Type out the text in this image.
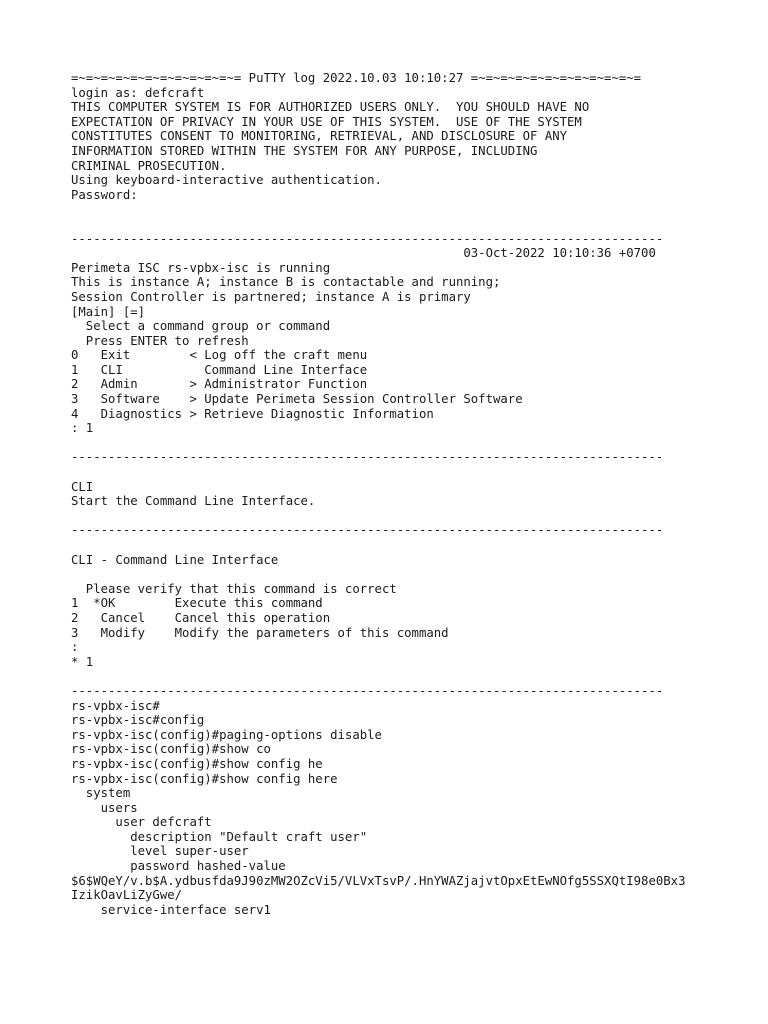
=~=~=~=~=~=~=~=~=~=~=~= PuTTY log 2022.10.03 10:10:27 =~=~=~=~=~=~=~=~=~=~=~=
login as: defcraft
THIS COMPUTER SYSTEM IS FOR AUTHORIZED USERS ONLY.  YOU SHOULD HAVE NO
EXPECTATION OF PRIVACY IN YOUR USE OF THIS SYSTEM.  USE OF THE SYSTEM
CONSTITUTES CONSENT TO MONITORING, RETRIEVAL, AND DISCLOSURE OF ANY
INFORMATION STORED WITHIN THE SYSTEM FOR ANY PURPOSE, INCLUDING
CRIMINAL PROSECUTION.
Using keyboard-interactive authentication.
Password:
--------------------------------------------------------------------------------
03-Oct-2022 10:10:36 +0700
Perimeta ISC rs-vpbx-isc is running
This is instance A; instance B is contactable and running;
Session Controller is partnered; instance A is primary
[Main] [=]
Select a command group or command
Press ENTER to refresh
0   Exit        < Log off the craft menu
1   CLI           Command Line Interface
2   Admin       > Administrator Function
3   Software    > Update Perimeta Session Controller Software
4   Diagnostics > Retrieve Diagnostic Information
: 1
--------------------------------------------------------------------------------
CLI
Start the Command Line Interface.
--------------------------------------------------------------------------------
CLI - Command Line Interface
Please verify that this command is correct
1  *OK        Execute this command
2   Cancel    Cancel this operation
3   Modify    Modify the parameters of this command
:
* 1
--------------------------------------------------------------------------------
rs-vpbx-isc#
rs-vpbx-isc#config
rs-vpbx-isc(config)#paging-options disable
rs-vpbx-isc(config)#show co
rs-vpbx-isc(config)#show config he
rs-vpbx-isc(config)#show config here
system
users
user defcraft
description "Default craft user"
level super-user
password hashed-value
$6$WQeY/v.b$A.ydbusfda9J90zMW2OZcVi5/VLVxTsvP/.HnYWAZjajvtOpxEtEwNOfg5SSXQtI98e0Bx3
IzikOavLiZyGwe/
service-interface serv1
